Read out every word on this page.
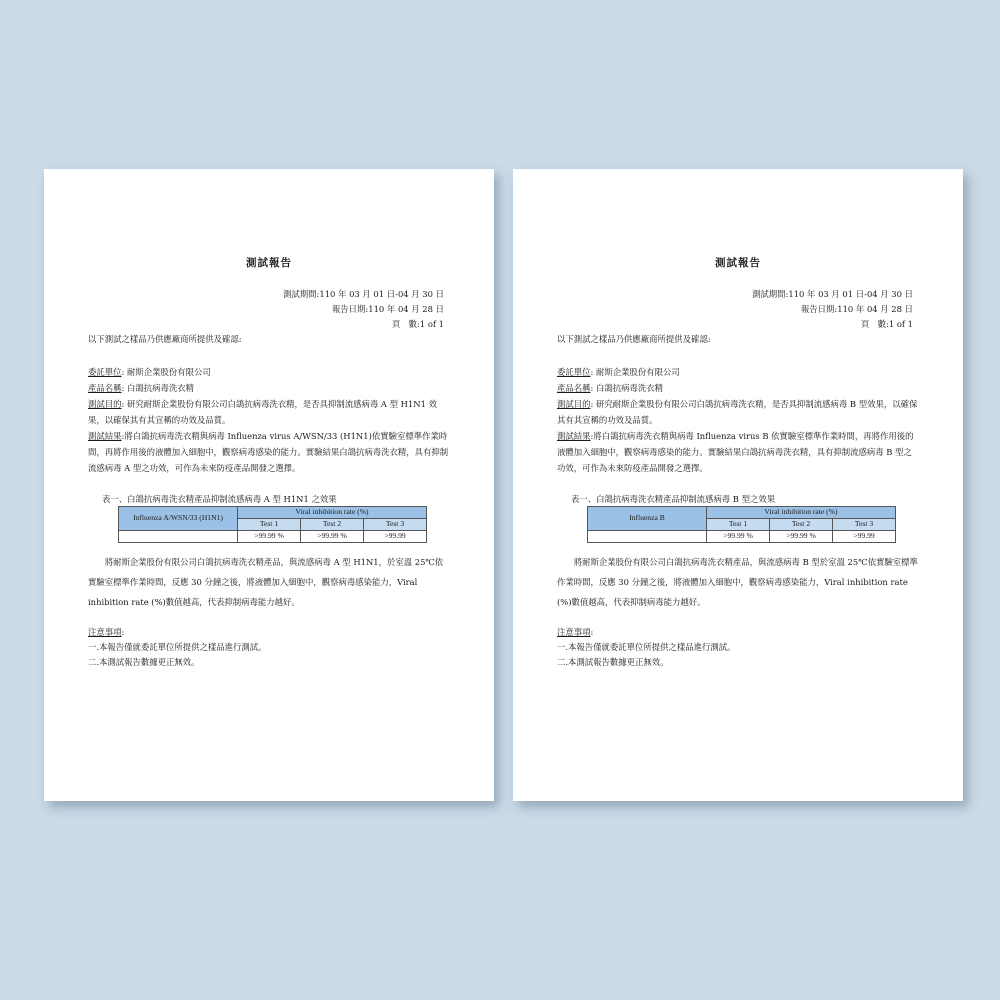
測試報告
測試期間:110 年 03 月 01 日-04 月 30 日
報告日期:110 年 04 月 28 日
頁　數:1 of 1
以下測試之樣品乃供應廠商所提供及確認:

委託單位: 耐斯企業股份有限公司

產品名稱: 白鴿抗病毒洗衣精

測試目的: 研究耐斯企業股份有限公司白鴿抗病毒洗衣精，是否具抑制流感病毒 A 型 H1N1 效果，以確保其有其宣稱的功效及品質。

測試結果:將白鴿抗病毒洗衣精與病毒 Influenza virus A/WSN/33 (H1N1)依實驗室標準作業時間，再將作用後的液體加入細胞中，觀察病毒感染的能力。實驗結果白鴿抗病毒洗衣精，具有抑制流感病毒 A 型之功效，可作為未來防疫產品開發之選擇。

表一、白鴿抗病毒洗衣精產品抑制流感病毒 A 型 H1N1 之效果
Influenza A/WSN/33 (H1N1)	Viral inhibition rate (%)		
	Test 1	Test 2	Test 3
	>99.99 %	>99.99 %	>99.99
將耐斯企業股份有限公司白鴿抗病毒洗衣精產品，與流感病毒 A 型 H1N1，於室溫 25℃依實驗室標準作業時間，反應 30 分鐘之後，將液體加入細胞中，觀察病毒感染能力，Viral inhibition rate (%)數值越高，代表抑制病毒能力越好。

注意事項:

一.本報告僅就委託單位所提供之樣品進行測試。

二.本測試報告數據更正無效。

測試報告
測試期間:110 年 03 月 01 日-04 月 30 日
報告日期:110 年 04 月 28 日
頁　數:1 of 1
以下測試之樣品乃供應廠商所提供及確認:

委託單位: 耐斯企業股份有限公司

產品名稱: 白鴿抗病毒洗衣精

測試目的: 研究耐斯企業股份有限公司白鴿抗病毒洗衣精，是否具抑制流感病毒 B 型效果，以確保其有其宣稱的功效及品質。

測試結果:將白鴿抗病毒洗衣精與病毒 Influenza virus B 依實驗室標準作業時間，再將作用後的液體加入細胞中，觀察病毒感染的能力。實驗結果白鴿抗病毒洗衣精，具有抑制流感病毒 B 型之功效，可作為未來防疫產品開發之選擇。

表一、白鴿抗病毒洗衣精產品抑制流感病毒 B 型之效果
Influenza B	Viral inhibition rate (%)		
	Test 1	Test 2	Test 3
	>99.99 %	>99.99 %	>99.99
將耐斯企業股份有限公司白鴿抗病毒洗衣精產品，與流感病毒 B 型於室溫 25℃依實驗室標準作業時間，反應 30 分鐘之後，將液體加入細胞中，觀察病毒感染能力，Viral inhibition rate (%)數值越高，代表抑制病毒能力越好。

注意事項:

一.本報告僅就委託單位所提供之樣品進行測試。

二.本測試報告數據更正無效。
